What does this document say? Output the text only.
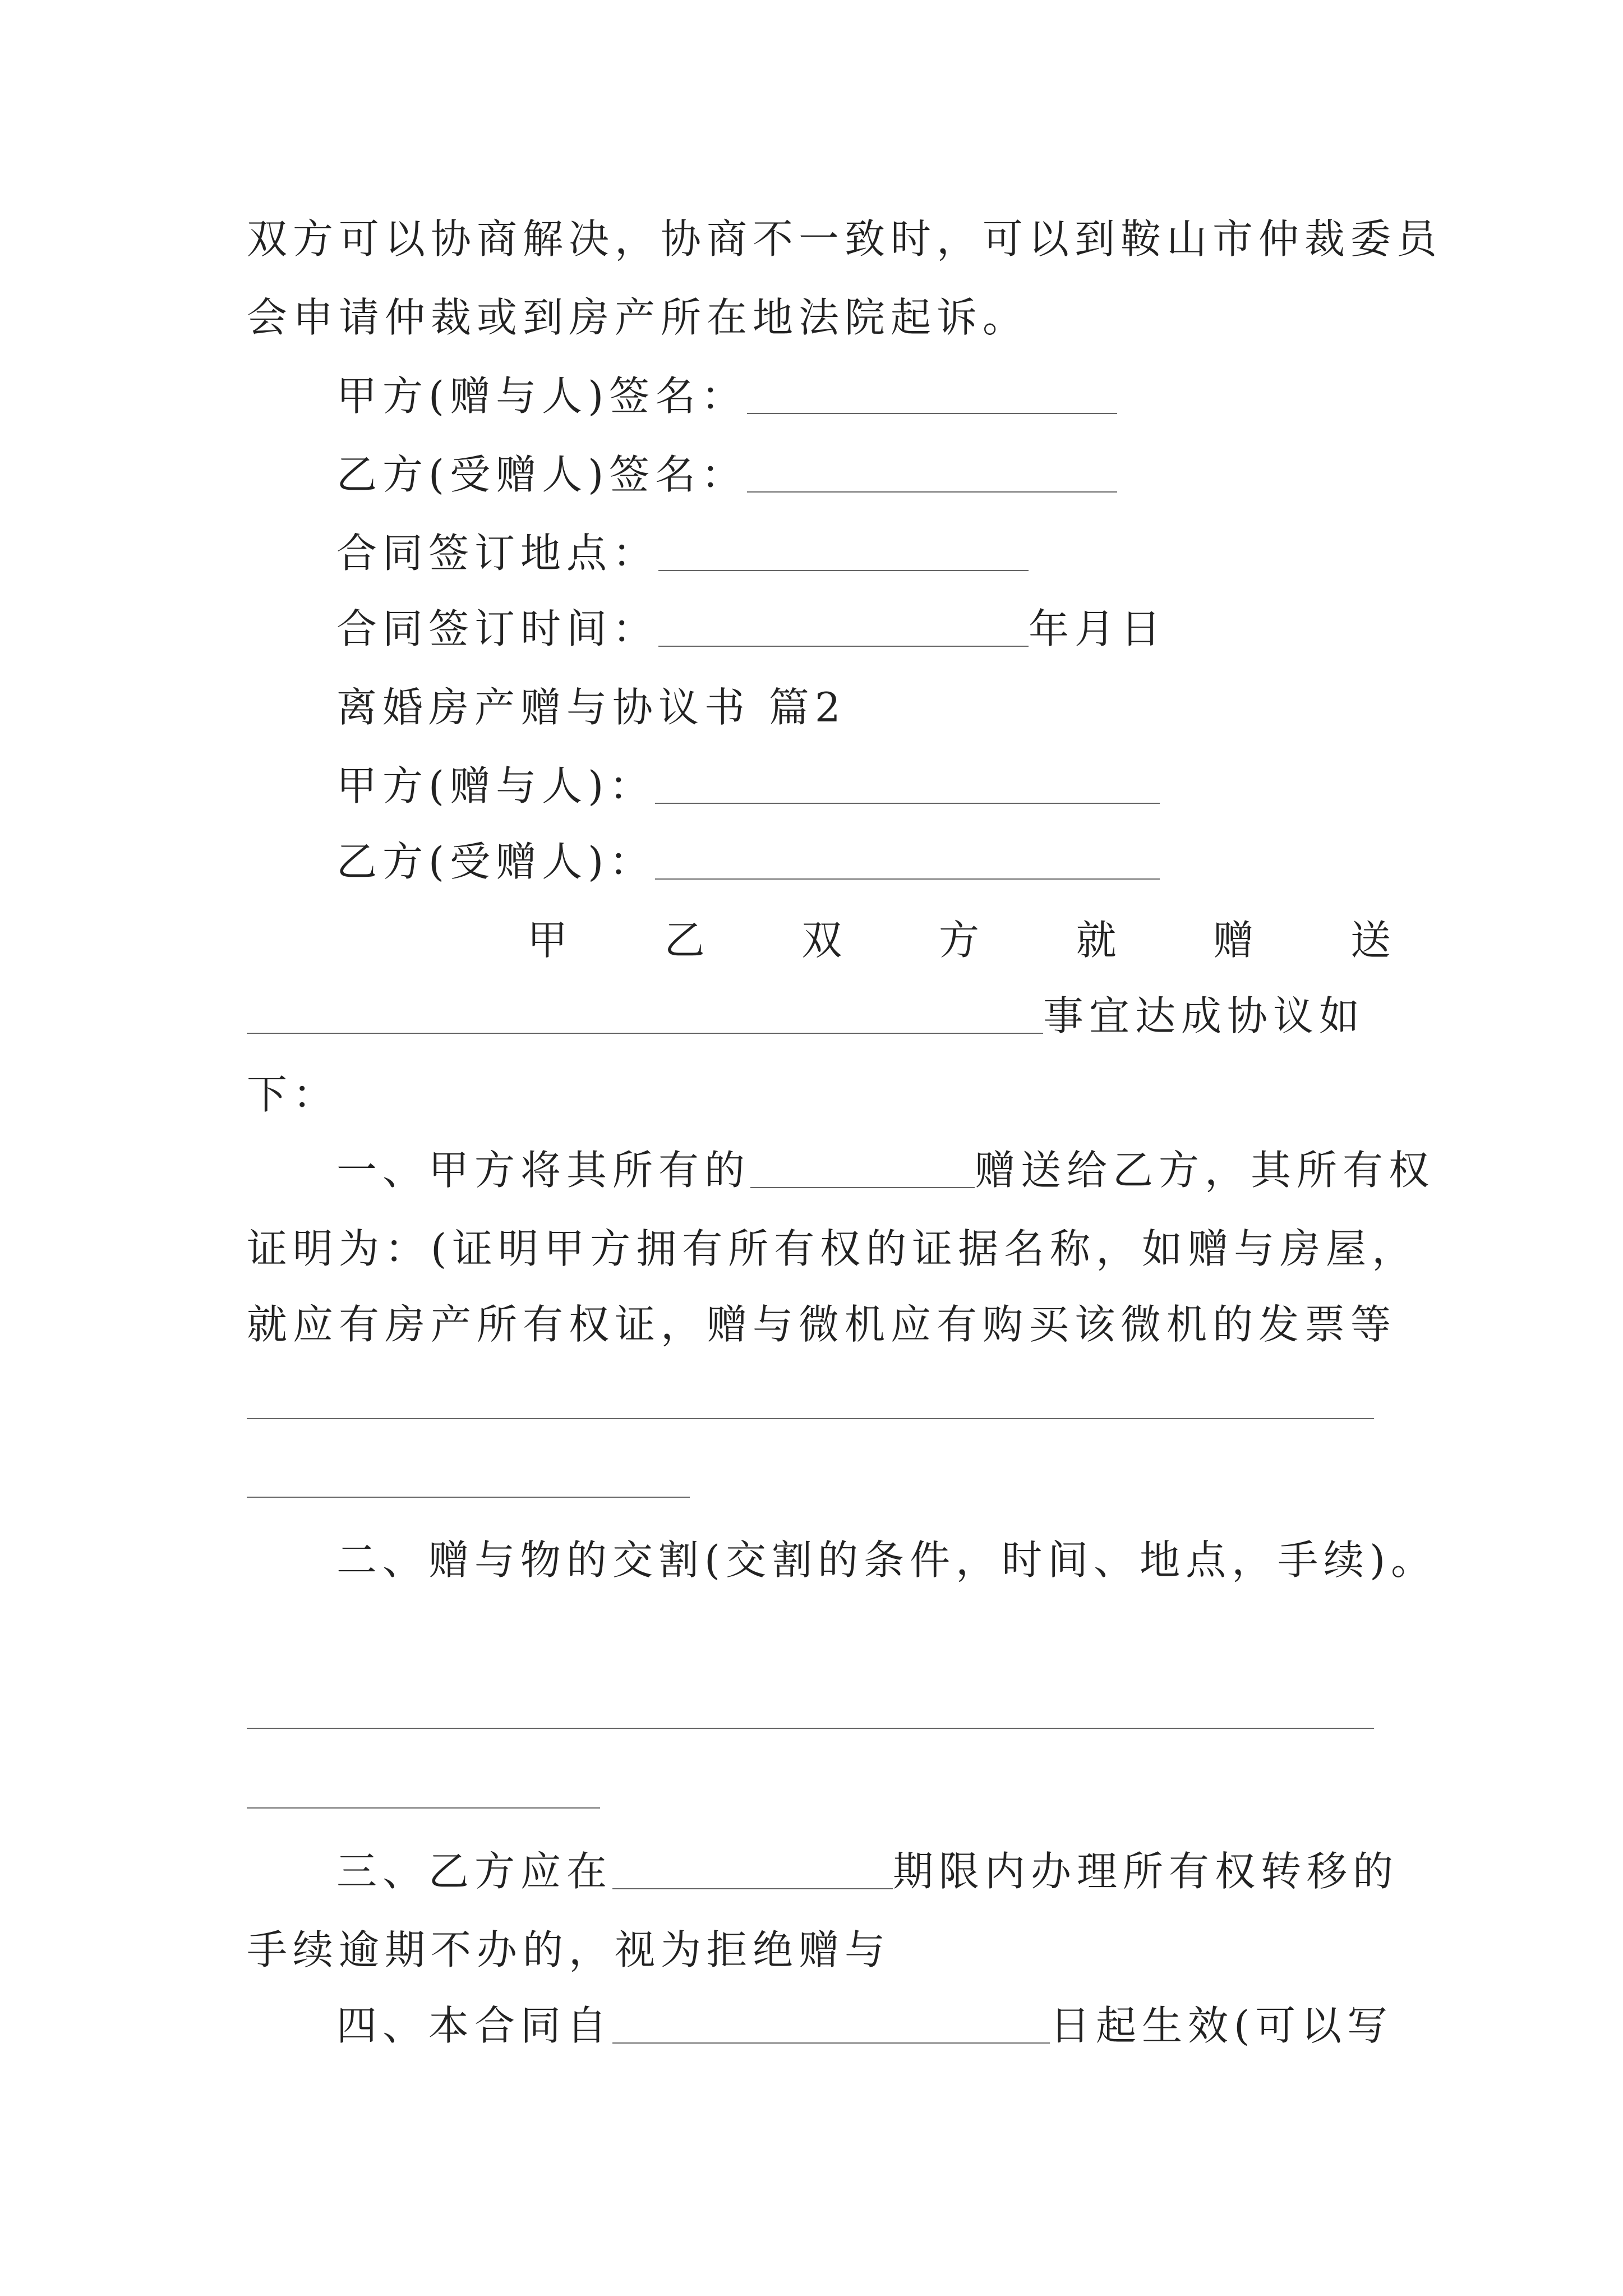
双方可以协商解决，协商不一致时，可以到鞍山市仲裁委员
会申请仲裁或到房产所在地法院起诉。
甲方(赠与人)签名：
乙方(受赠人)签名：
合同签订地点：
合同签订时间：	年月日
离婚房产赠与协议书 篇2
甲方(赠与人)：
乙方(受赠人)：
甲 乙 双 方 就 赠 送
事宜达成协议如
下：
一、甲方将其所有的	赠送给乙方，其所有权
证明为：(证明甲方拥有所有权的证据名称，如赠与房屋，
就应有房产所有权证，赠与微机应有购买该微机的发票等
二、赠与物的交割(交割的条件，时间、地点，手续)。
三、乙方应在	期限内办理所有权转移的
手续逾期不办的，视为拒绝赠与
四、本合同自	日起生效(可以写
